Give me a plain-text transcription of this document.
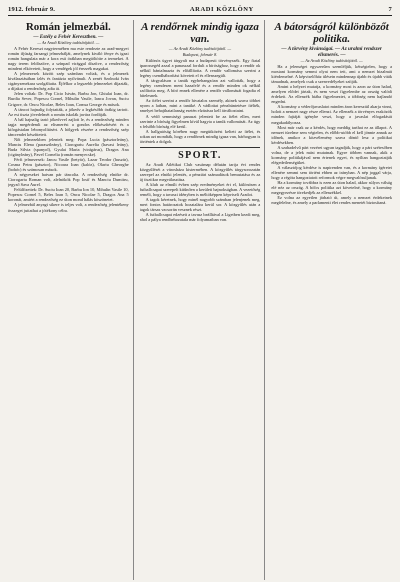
1912. február 9.	ARADI KÖZLÖNY	7
Román jelmezbál.
— Estély a Fehér Keresztben. —
— Az Aradi Közlöny tudósítójától. —

A Fehér Kereszt nagytermében ma este rendezte az arad-megyei román ifjúság farsangi jelmezbálját, amelynek kiváló fénye és igazi román hangulata már a kora esti órákban megtöltötte a termeket. A nagy terem feldíszítve, a színpad virággal díszítve, a rendezőség mindent elkövetett, hogy a vendégek jól érezzék magukat.

A jelmezesek között szép számban voltak, és a jelmezek kiválasztásában ízlés és fantázia nyilvánult. A zenét Szolnoki Iván cigányzenekara szolgáltatta. Éjfélkor a legszebb jelmezeket díjazták, a díjakat a rendezőség adta át.

Jelen voltak: Dr. Pop Cicio István, Barbu Jon, Ghiulai Ioan, dr. Burdia Sever, Popescu Cornel, Mihulin Vasile, Iancu Jovan, Suciu Grigore, dr. Oncu Nicolae, Beles Ioan, Comsa George és mások.

A táncot hajnalig folytatták, a jókedv a legkésőbb órákig tartott. Az est tiszta jövedelmét a román iskolák javára fordítják.

A bál hajnalig tartó jókedvvel zajlott le, és a rendezőség minden tagja megérdemli az elismerést a gondos előkészítésért és a kifogástalan lebonyolításért. A hölgyek részére a rendezőség szép táncrendet készíttetett.

Női jelmezekben jelentek meg: Popa Lucia (pásztorleány), Manciu Elena (parasztleány), Ciorogariu Aurelia (havasi leány), Buda Silvia (spanyol), Gyulai Maria (virágárus), Dragos Ana (cigányleány), Pavel Cornelia (román menyecske).

Férfi jelmezesek: Jancu Vasile (betyár), Lazar Teodor (huszár), Cosma Petru (pásztor), Nicoara Ioan (kalóz), Olariu Gheorghe (bohóc) és számosan mások.

A négyeseket hatvan pár táncolta. A rendezőség elnöke dr. Ciorogariu Roman volt, alelnökök Pop Iosif és Manciu Dumitru, jegyző Sava Aurel.

Felülfizettek: Dr. Suciu Ioan 20, Barbu Ion 10, Mihulin Vasile 10, Popescu Cornel 5, Beles Ioan 5, Oncu Nicolae 5, Dragos Ana 5 koronát, amiért a rendezőség ez úton mond hálás köszönetet.

A jelmezbál anyagi sikere is teljes volt, a rendezőség jelentékeny összeget juttathat a jótékony célra.

A rendőrnek mindig igaza van.
— Az Aradi Közlöny tudósítójától. —
Budapest, február 8.

Különös ügyet tárgyalt ma a budapesti törvényszék. Egy fiatal iparossegéd azzal a panasszal fordult a bírósághoz, hogy a rendőr ok nélkül bántalmazta és előállította. A rendőr vallomása szerint a legény csendháborítást követett el és ellenszegült.

A tárgyaláson a tanúk egybehangzóan azt vallották, hogy a legény csendesen ment hazafelé és a rendőr minden ok nélkül szólította meg. A bíró ennek ellenére a rendőr vallomását fogadta el hitelesnek.

Az ítélet szerint a rendőr hivatalos személy, akinek szava többet nyom a latban, mint a tanúké. A vádlottat pénzbüntetésre ítélték, amelyet behajthatatlanság esetén elzárásra kell átváltoztatni.

A védő semmiségi panaszt jelentett be az ítélet ellen, mert szerinte a bíróság figyelmen kívül hagyta a tanúk vallomását. Az ügy a felsőbb bíróság elé kerül.

A hallgatóság körében nagy megütközést keltett az ítélet, és sokan azt mondták, hogy a rendőrnek mindig igaza van, bárhogyan is történtek a dolgok.

SPORT.

Az Aradi Atlétikai Club vasárnap délután tartja évi rendes közgyűlését a városháza kistermében. A közgyűlés tárgysorozatán szerepel az elnöki jelentés, a pénztári számadások bemutatása és az új tisztikar megválasztása.

A klub az elmúlt évben szép eredményeket ért el, különösen a futballcsapat szerepelt kitűnően a kerületi bajnokságban. A vezetőség reméli, hogy a tavaszi idényben is méltóképpen képviseli Aradot.

A tagok kéretnek, hogy minél nagyobb számban jelenjenek meg, mert fontos határozatok hozatalára kerül sor. A közgyűlés után a tagok társas vacsorán vesznek részt.

A futballcsapat edzéseit a tavasz beálltával a Ligetben kezdi meg, ahol a pálya rendbehozatala már folyamatban van.

A bátorságról különbözőt politika.
— A törvény kivánságai. — Az uralmi rendszer elismerés. —
— Az Aradi Közlöny tudósítójától. —

Ha a jelenséget egyszerűen szemléljük, kétségtelen, hogy a mostani kormány semmi olyat nem tett, ami a nemzet bizalmát kiérdemelné. A képviselőház ülésein mindennap újabb és újabb viták támadnak, amelyek csak a szenvedélyeket szítják.

Amint a helyzet mutatja, a kormány most is azon az úton halad, amelyen elődei jártak, és nem veszi figyelembe az ország valódi érdekeit. Az ellenzék hiába figyelmeztet, a többség nem hajlandó engedni.

A kormány a véderőjavaslatot minden áron keresztül akarja vinni, holott a nemzet nagy része ellenzi. Az ellenzék a törvényes eszközök minden fajtáját igénybe veszi, hogy a javaslat elfogadását megakadályozza.

Most már csak az a kérdés, hogy meddig tarthat ez az állapot. A nemzet türelme sem végtelen, és előbb-utóbb el kell jönnie annak az időnek, amikor a közvélemény szava döntő lesz a politikai kérdésekben.

A szabadelvű párt vezérei ugyan tagadják, hogy a párt szétesőben volna, de a jelek mást mutatnak. Egyre többen vannak, akik a kormány politikájával nem értenek egyet, és nyíltan hangoztatják elégedetlenségüket.

A választójog kérdése is napirenden van, és a kormány ígéretei ellenére semmi sem történt ebben az irányban. A nép joggal várja, hogy a régóta hangoztatott reformok végre megvalósuljanak.

Ha a kormány továbbra is ezen az úton halad, akkor súlyos válság elé néz az ország. A bölcs politika azt követelné, hogy a kormány megegyezésre törekedjék az ellenzékkel.

Ez volna az egyetlen járható út, amely a nemzet érdekeinek megfelelne, és amely a parlamenti élet rendes menetét biztosítaná.
